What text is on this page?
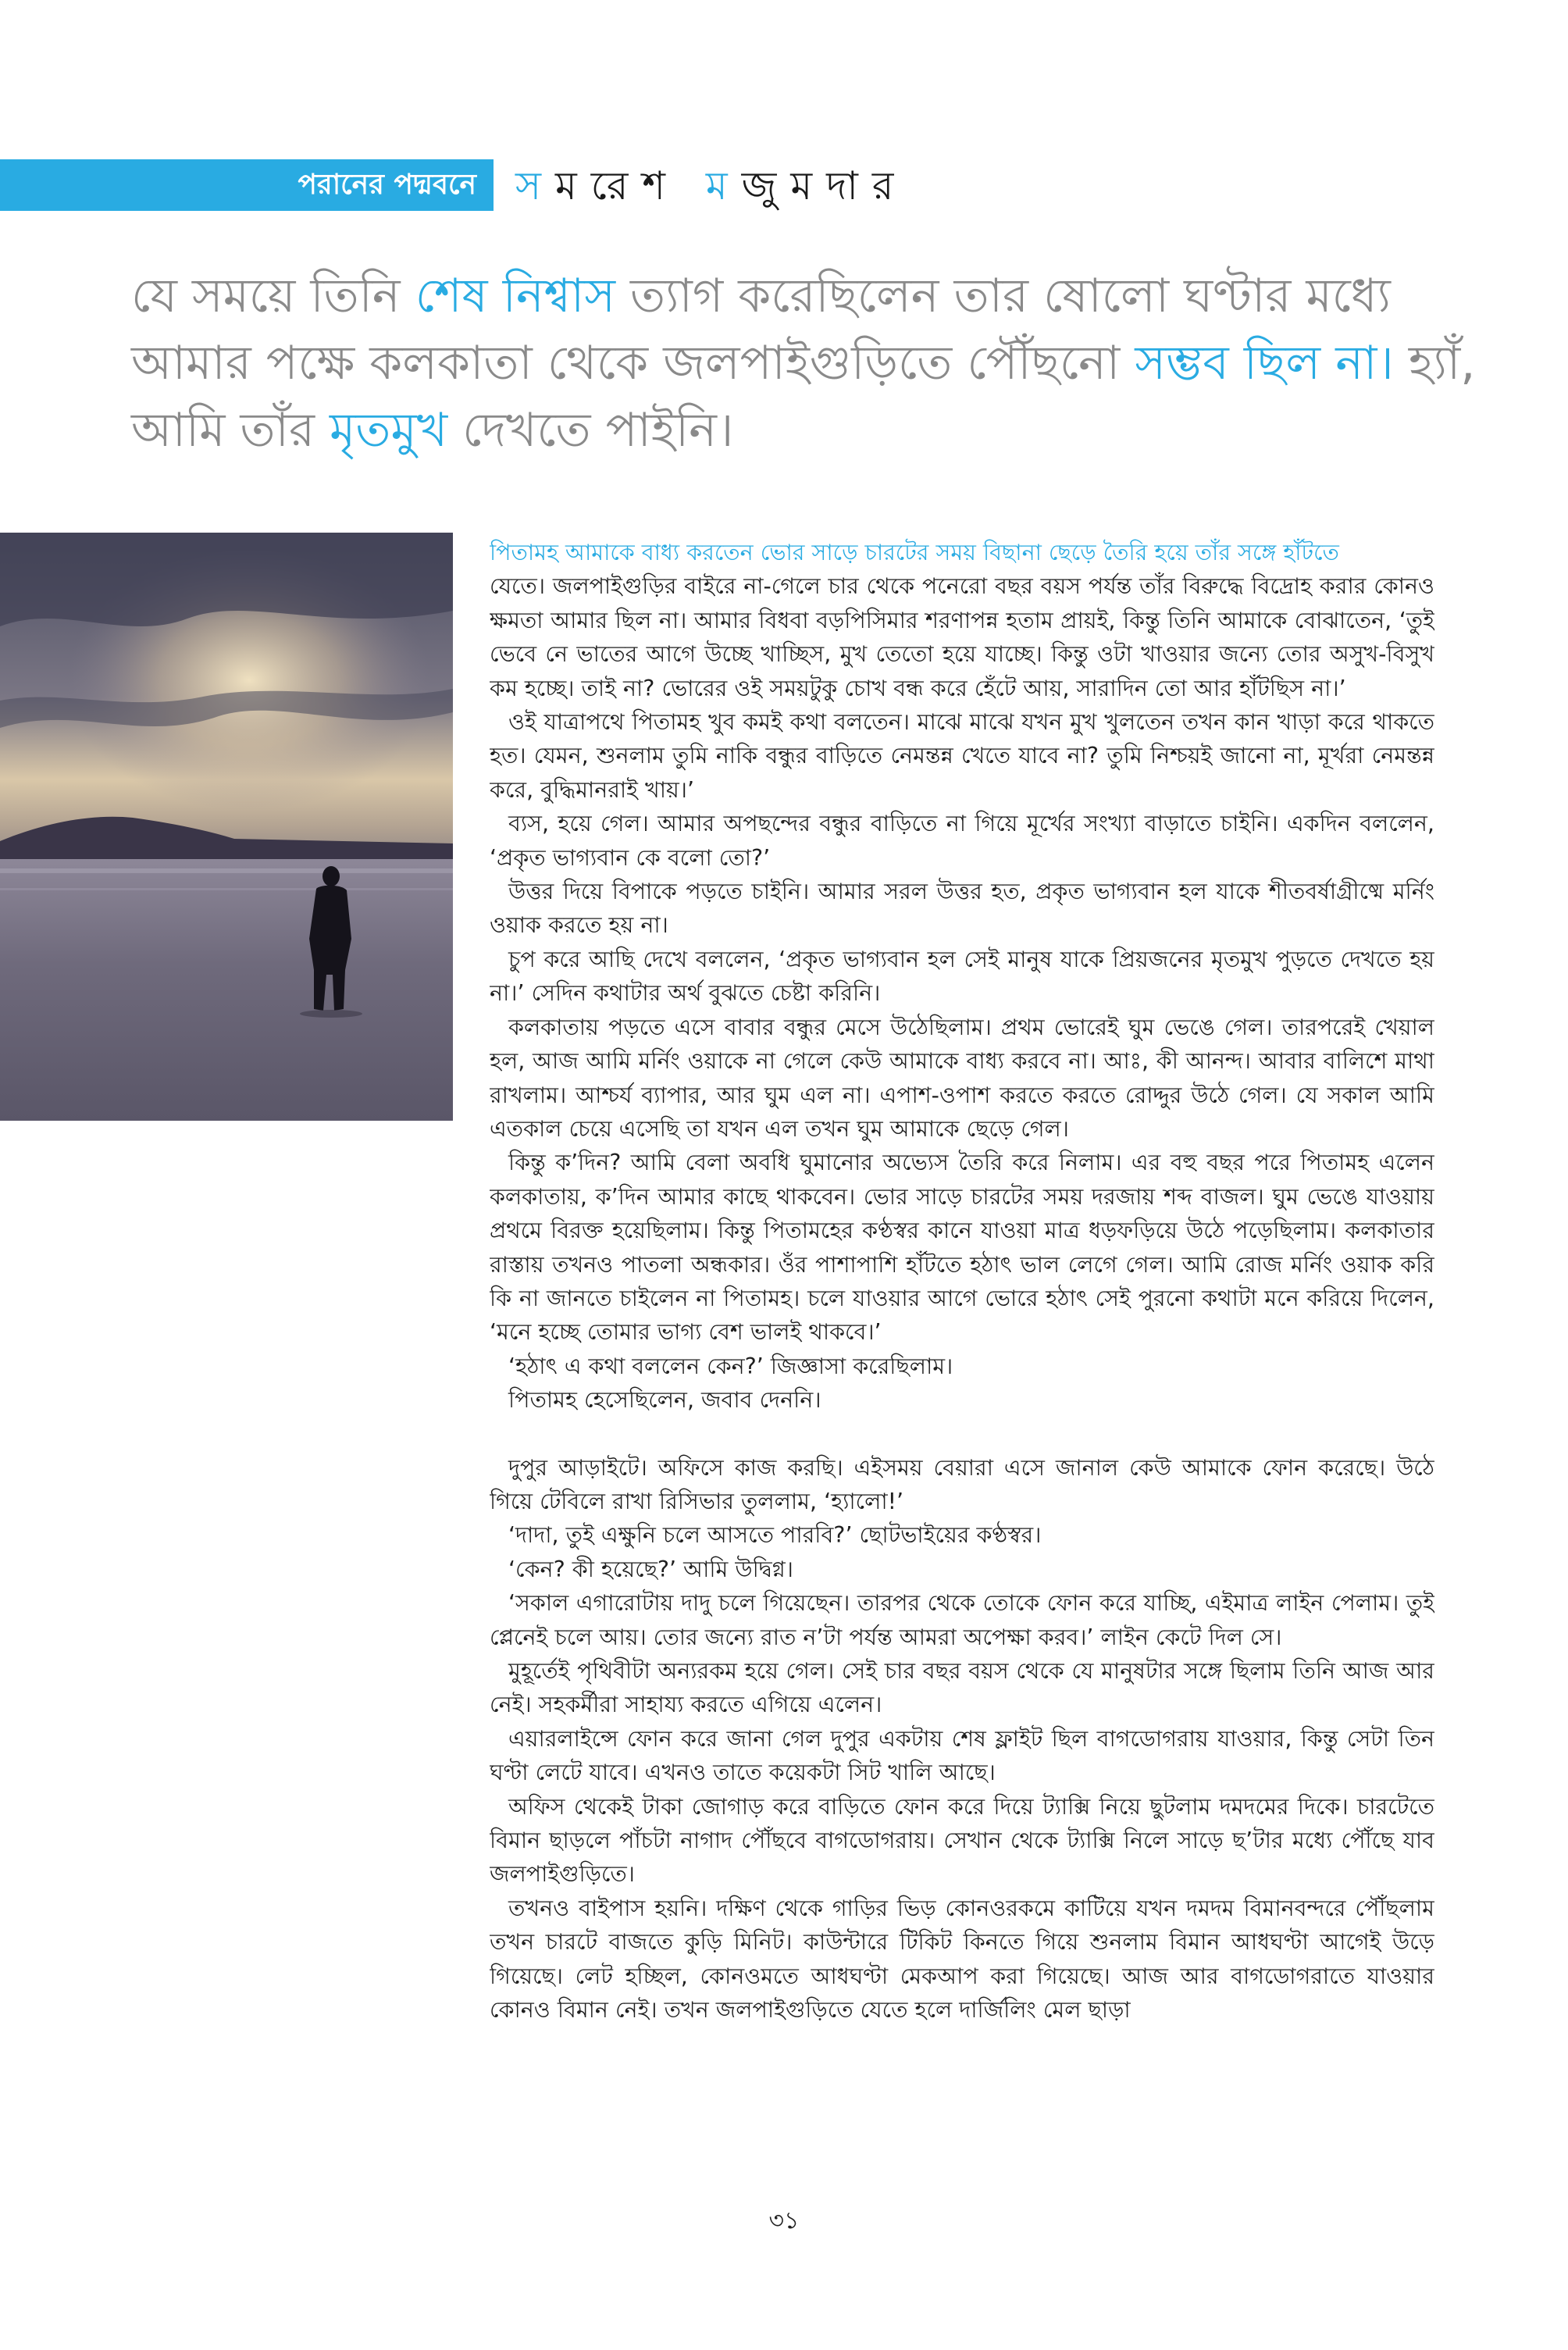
পরানের পদ্মবনে সমরেশ মজুমদার
যে সময়ে তিনি শেষ নিশ্বাস ত্যাগ করেছিলেন তার ষোলো ঘণ্টার মধ্যে আমার পক্ষে কলকাতা থেকে জলপাইগুড়িতে পৌঁছনো সম্ভব ছিল না। হ্যাঁ, আমি তাঁর মৃতমুখ দেখতে পাইনি।

পিতামহ আমাকে বাধ্য করতেন ভোর সাড়ে চারটের সময় বিছানা ছেড়ে তৈরি হয়ে তাঁর সঙ্গে হাঁটতে

যেতে। জলপাইগুড়ির বাইরে না-গেলে চার থেকে পনেরো বছর বয়স পর্যন্ত তাঁর বিরুদ্ধে বিদ্রোহ করার কোনও ক্ষমতা আমার ছিল না। আমার বিধবা বড়পিসিমার শরণাপন্ন হতাম প্রায়ই, কিন্তু তিনি আমাকে বোঝাতেন, ‘তুই ভেবে নে ভাতের আগে উচ্ছে খাচ্ছিস, মুখ তেতো হয়ে যাচ্ছে। কিন্তু ওটা খাওয়ার জন্যে তোর অসুখ-বিসুখ কম হচ্ছে। তাই না? ভোরের ওই সময়টুকু চোখ বন্ধ করে হেঁটে আয়, সারাদিন তো আর হাঁটছিস না।’

ওই যাত্রাপথে পিতামহ খুব কমই কথা বলতেন। মাঝে মাঝে যখন মুখ খুলতেন তখন কান খাড়া করে থাকতে হত। যেমন, শুনলাম তুমি নাকি বন্ধুর বাড়িতে নেমন্তন্ন খেতে যাবে না? তুমি নিশ্চয়ই জানো না, মূর্খরা নেমন্তন্ন করে, বুদ্ধিমানরাই খায়।’

ব্যস, হয়ে গেল। আমার অপছন্দের বন্ধুর বাড়িতে না গিয়ে মূর্খের সংখ্যা বাড়াতে চাইনি। একদিন বললেন, ‘প্রকৃত ভাগ্যবান কে বলো তো?’

উত্তর দিয়ে বিপাকে পড়তে চাইনি। আমার সরল উত্তর হত, প্রকৃত ভাগ্যবান হল যাকে শীতবর্ষাগ্রীষ্মে মর্নিং ওয়াক করতে হয় না।

চুপ করে আছি দেখে বললেন, ‘প্রকৃত ভাগ্যবান হল সেই মানুষ যাকে প্রিয়জনের মৃতমুখ পুড়তে দেখতে হয় না।’ সেদিন কথাটার অর্থ বুঝতে চেষ্টা করিনি।

কলকাতায় পড়তে এসে বাবার বন্ধুর মেসে উঠেছিলাম। প্রথম ভোরেই ঘুম ভেঙে গেল। তারপরেই খেয়াল হল, আজ আমি মর্নিং ওয়াকে না গেলে কেউ আমাকে বাধ্য করবে না। আঃ, কী আনন্দ। আবার বালিশে মাথা রাখলাম। আশ্চর্য ব্যাপার, আর ঘুম এল না। এপাশ-ওপাশ করতে করতে রোদ্দুর উঠে গেল। যে সকাল আমি এতকাল চেয়ে এসেছি তা যখন এল তখন ঘুম আমাকে ছেড়ে গেল।

কিন্তু ক’দিন? আমি বেলা অবধি ঘুমানোর অভ্যেস তৈরি করে নিলাম। এর বহু বছর পরে পিতামহ এলেন কলকাতায়, ক’দিন আমার কাছে থাকবেন। ভোর সাড়ে চারটের সময় দরজায় শব্দ বাজল। ঘুম ভেঙে যাওয়ায় প্রথমে বিরক্ত হয়েছিলাম। কিন্তু পিতামহের কণ্ঠস্বর কানে যাওয়া মাত্র ধড়ফড়িয়ে উঠে পড়েছিলাম। কলকাতার রাস্তায় তখনও পাতলা অন্ধকার। ওঁর পাশাপাশি হাঁটতে হঠাৎ ভাল লেগে গেল। আমি রোজ মর্নিং ওয়াক করি কি না জানতে চাইলেন না পিতামহ। চলে যাওয়ার আগে ভোরে হঠাৎ সেই পুরনো কথাটা মনে করিয়ে দিলেন, ‘মনে হচ্ছে তোমার ভাগ্য বেশ ভালই থাকবে।’

‘হঠাৎ এ কথা বললেন কেন?’ জিজ্ঞাসা করেছিলাম।

পিতামহ হেসেছিলেন, জবাব দেননি।

দুপুর আড়াইটে। অফিসে কাজ করছি। এইসময় বেয়ারা এসে জানাল কেউ আমাকে ফোন করেছে। উঠে গিয়ে টেবিলে রাখা রিসিভার তুললাম, ‘হ্যালো!’

‘দাদা, তুই এক্ষুনি চলে আসতে পারবি?’ ছোটভাইয়ের কণ্ঠস্বর।

‘কেন? কী হয়েছে?’ আমি উদ্বিগ্ন।

‘সকাল এগারোটায় দাদু চলে গিয়েছেন। তারপর থেকে তোকে ফোন করে যাচ্ছি, এইমাত্র লাইন পেলাম। তুই প্লেনেই চলে আয়। তোর জন্যে রাত ন’টা পর্যন্ত আমরা অপেক্ষা করব।’ লাইন কেটে দিল সে।

মুহূর্তেই পৃথিবীটা অন্যরকম হয়ে গেল। সেই চার বছর বয়স থেকে যে মানুষটার সঙ্গে ছিলাম তিনি আজ আর নেই। সহকর্মীরা সাহায্য করতে এগিয়ে এলেন।

এয়ারলাইন্সে ফোন করে জানা গেল দুপুর একটায় শেষ ফ্লাইট ছিল বাগডোগরায় যাওয়ার, কিন্তু সেটা তিন ঘণ্টা লেটে যাবে। এখনও তাতে কয়েকটা সিট খালি আছে।

অফিস থেকেই টাকা জোগাড় করে বাড়িতে ফোন করে দিয়ে ট্যাক্সি নিয়ে ছুটলাম দমদমের দিকে। চারটেতে বিমান ছাড়লে পাঁচটা নাগাদ পৌঁছবে বাগডোগরায়। সেখান থেকে ট্যাক্সি নিলে সাড়ে ছ’টার মধ্যে পৌঁছে যাব জলপাইগুড়িতে।

তখনও বাইপাস হয়নি। দক্ষিণ থেকে গাড়ির ভিড় কোনওরকমে কাটিয়ে যখন দমদম বিমানবন্দরে পৌঁছলাম তখন চারটে বাজতে কুড়ি মিনিট। কাউন্টারে টিকিট কিনতে গিয়ে শুনলাম বিমান আধঘণ্টা আগেই উড়ে গিয়েছে। লেট হচ্ছিল, কোনওমতে আধঘণ্টা মেকআপ করা গিয়েছে। আজ আর বাগডোগরাতে যাওয়ার কোনও বিমান নেই। তখন জলপাইগুড়িতে যেতে হলে দার্জিলিং মেল ছাড়া

৩১
